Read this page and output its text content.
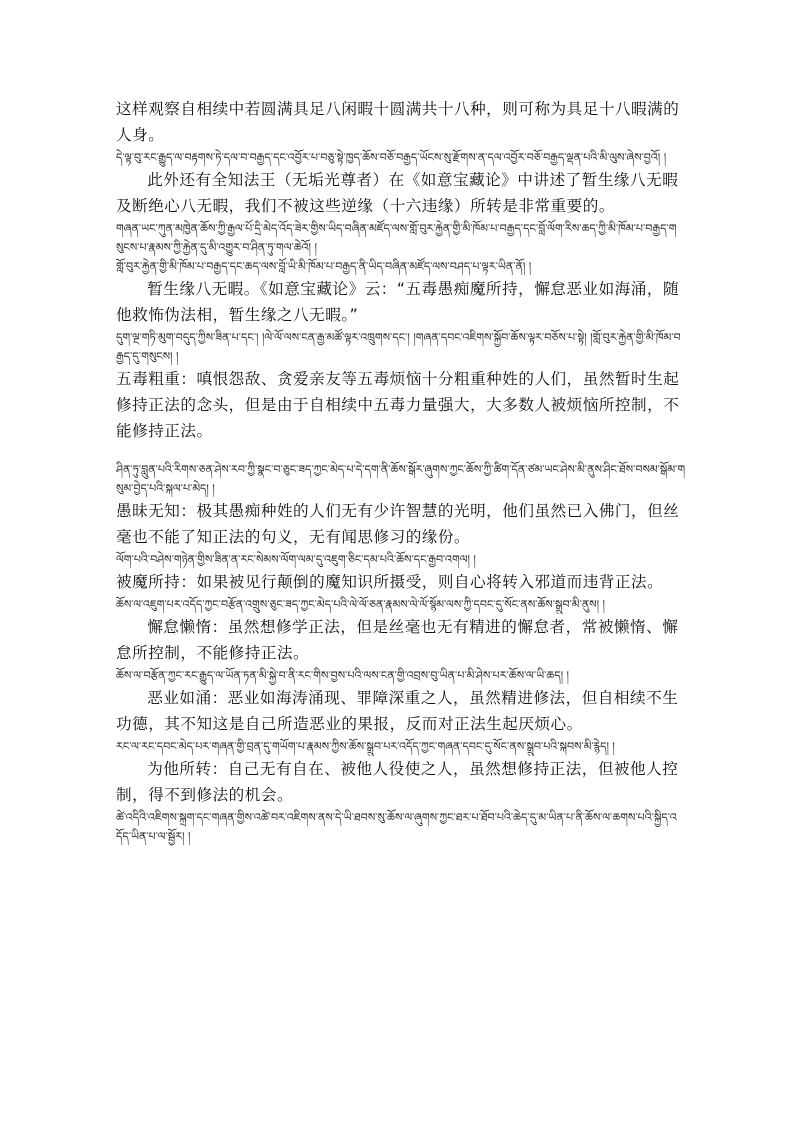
这样观察自相续中若圆满具足八闲暇十圆满共十八种，则可称为具足十八暇满的人身。

དེ་ལྟ་བུ་རང་རྒྱུད་ལ་བརྟགས་ཏེ་དལ་བ་བརྒྱད་དང་འབྱོར་པ་བཅུ་སྟེ་ཁྱད་ཆོས་བཅོ་བརྒྱད་ཡོངས་སུ་རྫོགས་ན་དལ་འབྱོར་བཅོ་བརྒྱད་ལྡན་པའི་མི་ལུས་ཞེས་བྱའོ། །

此外还有全知法王（无垢光尊者）在《如意宝藏论》中讲述了暂生缘八无暇及断绝心八无暇，我们不被这些逆缘（十六违缘）所转是非常重要的。

གཞན་ཡང་ཀུན་མཁྱེན་ཆོས་ཀྱི་རྒྱལ་པོ་དྲི་མེད་འོད་ཟེར་གྱིས་ཡིད་བཞིན་མཛོད་ལས་གློ་བུར་རྐྱེན་གྱི་མི་ཁོམ་པ་བརྒྱད་དང་བློ་ལོག་རིས་ཆད་ཀྱི་མི་ཁོམ་པ་བརྒྱད་གསུངས་པ་རྣམས་ཀྱི་རྐྱེན་དུ་མི་འགྱུར་བ་ཤིན་ཏུ་གལ་ཆེའོ། །

གློ་བུར་རྐྱེན་གྱི་མི་ཁོམ་པ་བརྒྱད་དང་ཆད་ལས་བློ་ཡི་མི་ཁོམ་པ་བརྒྱད་ནི་ཡིད་བཞིན་མཛོད་ལས་བཤད་པ་ལྟར་ཡིན་ནོ། །

暂生缘八无暇。《如意宝藏论》云：“五毒愚痴魔所持，懈怠恶业如海涌，随他救怖伪法相，暂生缘之八无暇。”

དུག་ལྔ་གཏི་མུག་བདུད་ཀྱིས་ཟིན་པ་དང་། །ལེ་ལོ་ལས་ངན་རྒྱ་མཚོ་ལྟར་འཁྲུགས་དང་། །གཞན་དབང་འཇིགས་སྐྱོབ་ཆོས་ལྟར་བཅོས་པ་སྟེ། །གློ་བུར་རྐྱེན་གྱི་མི་ཁོམ་བརྒྱད་དུ་གསུངས། །

五毒粗重：嗔恨怨敌、贪爱亲友等五毒烦恼十分粗重种姓的人们，虽然暂时生起修持正法的念头，但是由于自相续中五毒力量强大，大多数人被烦恼所控制，不能修持正法。

ཤིན་ཏུ་བླུན་པའི་རིགས་ཅན་ཤེས་རབ་ཀྱི་སྣང་བ་ཅུང་ཟད་ཀྱང་མེད་པ་དེ་དག་ནི་ཆོས་སྒོར་ཞུགས་ཀྱང་ཆོས་ཀྱི་ཚིག་དོན་ཙམ་ཡང་ཤེས་མི་ནུས་ཤིང་ཐོས་བསམ་སྒོམ་གསུམ་བྱེད་པའི་སྐལ་པ་མེད། །

愚昧无知：极其愚痴种姓的人们无有少许智慧的光明，他们虽然已入佛门，但丝毫也不能了知正法的句义，无有闻思修习的缘份。

ལོག་པའི་བཤེས་གཉེན་གྱིས་ཟིན་ན་རང་སེམས་ལོག་ལམ་དུ་འཇུག་ཅིང་དམ་པའི་ཆོས་དང་རྒྱབ་འགལ། །

被魔所持：如果被见行颠倒的魔知识所摄受，则自心将转入邪道而违背正法。

ཆོས་ལ་འཇུག་པར་འདོད་ཀྱང་བརྩོན་འགྲུས་ཅུང་ཟད་ཀྱང་མེད་པའི་ལེ་ལོ་ཅན་རྣམས་ལེ་ལོ་སྙོམ་ལས་ཀྱི་དབང་དུ་སོང་ནས་ཆོས་སྒྲུབ་མི་ནུས། །

懈怠懒惰：虽然想修学正法，但是丝毫也无有精进的懈怠者，常被懒惰、懈怠所控制，不能修持正法。

ཆོས་ལ་བརྩོན་ཀྱང་རང་རྒྱུད་ལ་ཡོན་ཏན་མི་སྐྱེ་བ་ནི་རང་གིས་བྱས་པའི་ལས་ངན་གྱི་འབྲས་བུ་ཡིན་པ་མི་ཤེས་པར་ཆོས་ལ་ཡི་ཆད། །

恶业如涌：恶业如海涛涌现、罪障深重之人，虽然精进修法，但自相续不生功德，其不知这是自己所造恶业的果报，反而对正法生起厌烦心。

རང་ལ་རང་དབང་མེད་པར་གཞན་གྱི་བྲན་དུ་གཡོག་པ་རྣམས་ཀྱིས་ཆོས་སྒྲུབ་པར་འདོད་ཀྱང་གཞན་དབང་དུ་སོང་ནས་སྒྲུབ་པའི་སྐབས་མི་རྙེད། །

为他所转：自己无有自在、被他人役使之人，虽然想修持正法，但被他人控制，得不到修法的机会。

ཚེ་འདིའི་འཇིགས་སྐྲག་དང་གཞན་གྱིས་འཚེ་བར་འཇིགས་ནས་དེ་ཡི་ཐབས་སུ་ཆོས་ལ་ཞུགས་ཀྱང་ཐར་པ་ཐོབ་པའི་ཆེད་དུ་མ་ཡིན་པ་ནི་ཆོས་ལ་ཆགས་པའི་སྐྱིད་འདོད་ཡིན་པ་ལ་སྦྱོར། །
